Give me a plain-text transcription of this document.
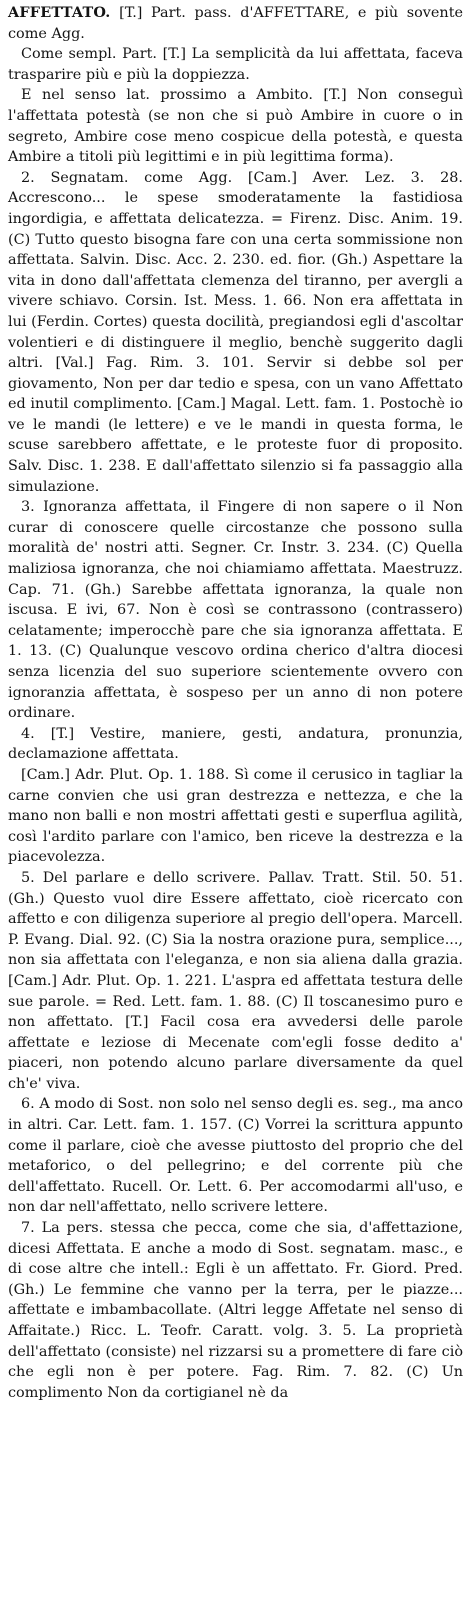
AFFETTATO. [T.] Part. pass. d'AFFETTARE, e più sovente come Agg.

Come sempl. Part. [T.] La semplicità da lui affettata, faceva trasparire più e più la doppiezza.

E nel senso lat. prossimo a Ambito. [T.] Non conseguì l'affettata potestà (se non che si può Ambire in cuore o in segreto, Ambire cose meno cospicue della potestà, e questa Ambire a titoli più legittimi e in più legittima forma).

2. Segnatam. come Agg. [Cam.] Aver. Lez. 3. 28. Accrescono... le spese smoderatamente la fastidiosa ingordigia, e affettata delicatezza. = Firenz. Disc. Anim. 19. (C) Tutto questo bisogna fare con una certa sommissione non affettata. Salvin. Disc. Acc. 2. 230. ed. fior. (Gh.) Aspettare la vita in dono dall'affettata clemenza del tiranno, per avergli a vivere schiavo. Corsin. Ist. Mess. 1. 66. Non era affettata in lui (Ferdin. Cortes) questa docilità, pregiandosi egli d'ascoltar volentieri e di distinguere il meglio, benchè suggerito dagli altri. [Val.] Fag. Rim. 3. 101. Servir si debbe sol per giovamento, Non per dar tedio e spesa, con un vano Affettato ed inutil complimento. [Cam.] Magal. Lett. fam. 1. Postochè io ve le mandi (le lettere) e ve le mandi in questa forma, le scuse sarebbero affettate, e le proteste fuor di proposito. Salv. Disc. 1. 238. E dall'affettato silenzio si fa passaggio alla simulazione.

3. Ignoranza affettata, il Fingere di non sapere o il Non curar di conoscere quelle circostanze che possono sulla moralità de' nostri atti. Segner. Cr. Instr. 3. 234. (C) Quella maliziosa ignoranza, che noi chiamiamo affettata. Maestruzz. Cap. 71. (Gh.) Sarebbe affettata ignoranza, la quale non iscusa. E ivi, 67. Non è così se contrassono (contrassero) celatamente; imperocchè pare che sia ignoranza affettata. E 1. 13. (C) Qualunque vescovo ordina cherico d'altra diocesi senza licenzia del suo superiore scientemente ovvero con ignoranzia affettata, è sospeso per un anno di non potere ordinare.

4. [T.] Vestire, maniere, gesti, andatura, pronunzia, declamazione affettata.

[Cam.] Adr. Plut. Op. 1. 188. Sì come il cerusico in tagliar la carne convien che usi gran destrezza e nettezza, e che la mano non balli e non mostri affettati gesti e superflua agilità, così l'ardito parlare con l'amico, ben riceve la destrezza e la piacevolezza.

5. Del parlare e dello scrivere. Pallav. Tratt. Stil. 50. 51. (Gh.) Questo vuol dire Essere affettato, cioè ricercato con affetto e con diligenza superiore al pregio dell'opera. Marcell. P. Evang. Dial. 92. (C) Sia la nostra orazione pura, semplice..., non sia affettata con l'eleganza, e non sia aliena dalla grazia. [Cam.] Adr. Plut. Op. 1. 221. L'aspra ed affettata testura delle sue parole. = Red. Lett. fam. 1. 88. (C) Il toscanesimo puro e non affettato. [T.] Facil cosa era avvedersi delle parole affettate e leziose di Mecenate com'egli fosse dedito a' piaceri, non potendo alcuno parlare diversamente da quel ch'e' viva.

6. A modo di Sost. non solo nel senso degli es. seg., ma anco in altri. Car. Lett. fam. 1. 157. (C) Vorrei la scrittura appunto come il parlare, cioè che avesse piuttosto del proprio che del metaforico, o del pellegrino; e del corrente più che dell'affettato. Rucell. Or. Lett. 6. Per accomodarmi all'uso, e non dar nell'affettato, nello scrivere lettere.

7. La pers. stessa che pecca, come che sia, d'affettazione, dicesi Affettata. E anche a modo di Sost. segnatam. masc., e di cose altre che intell.: Egli è un affettato. Fr. Giord. Pred. (Gh.) Le femmine che vanno per la terra, per le piazze... affettate e imbambacollate. (Altri legge Affetate nel senso di Affaitate.) Ricc. L. Teofr. Caratt. volg. 3. 5. La proprietà dell'affettato (consiste) nel rizzarsi su a promettere di fare ciò che egli non è per potere. Fag. Rim. 7. 82. (C) Un complimento Non da cortigianel nè da
